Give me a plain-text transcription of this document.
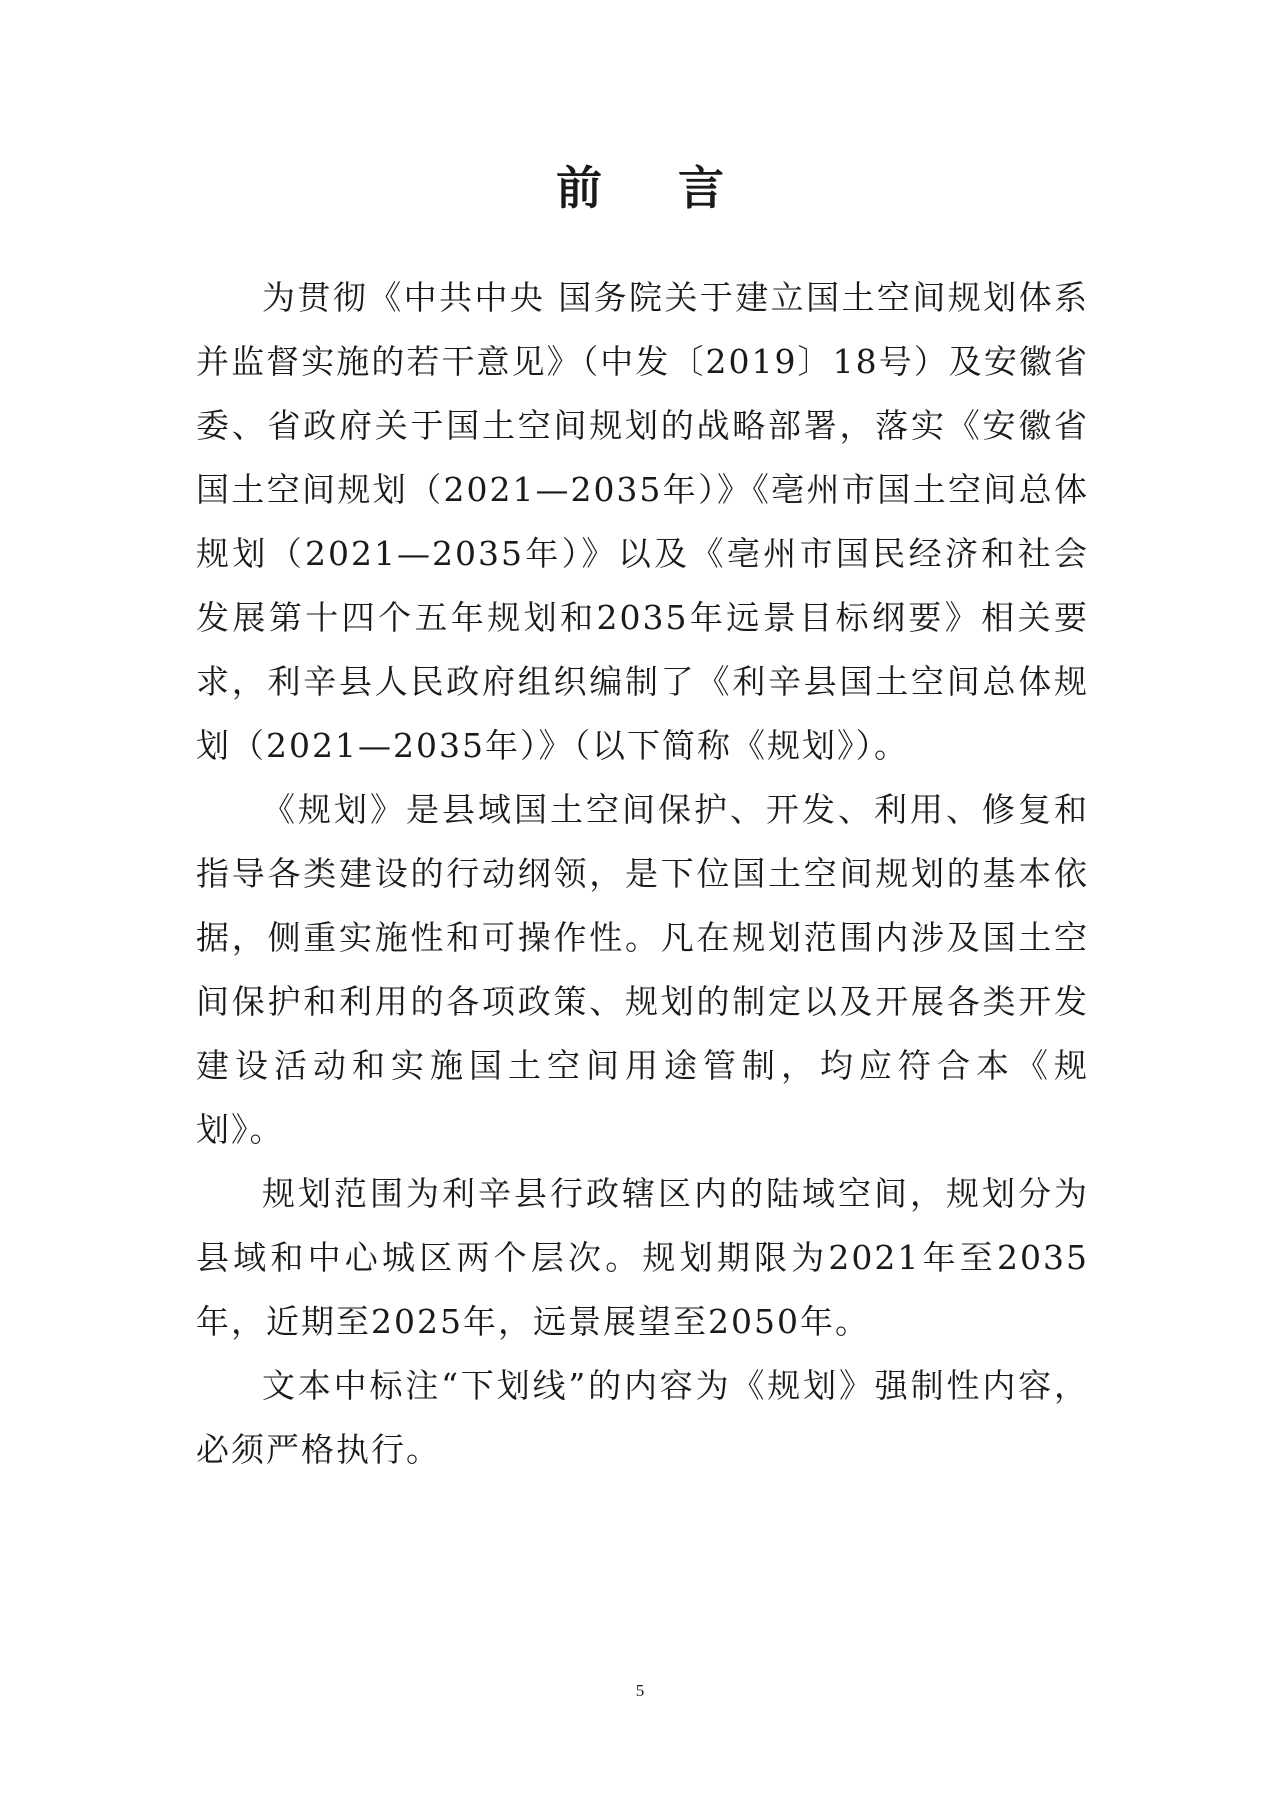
前 言

为贯彻《中共中央 国务院关于建立国土空间规划体系并监督实施的若干意见》（中发〔2019〕18号）及安徽省委、省政府关于国土空间规划的战略部署，落实《安徽省国土空间规划（2021—2035年）》《亳州市国土空间总体规划（2021—2035年）》以及《亳州市国民经济和社会发展第十四个五年规划和2035年远景目标纲要》相关要求，利辛县人民政府组织编制了《利辛县国土空间总体规划（2021—2035年）》（以下简称《规划》）。

《规划》是县域国土空间保护、开发、利用、修复和指导各类建设的行动纲领，是下位国土空间规划的基本依据，侧重实施性和可操作性。凡在规划范围内涉及国土空间保护和利用的各项政策、规划的制定以及开展各类开发建设活动和实施国土空间用途管制，均应符合本《规划》。

规划范围为利辛县行政辖区内的陆域空间，规划分为县域和中心城区两个层次。规划期限为2021年至2035年，近期至2025年，远景展望至2050年。

文本中标注“下划线”的内容为《规划》强制性内容，必须严格执行。

5
